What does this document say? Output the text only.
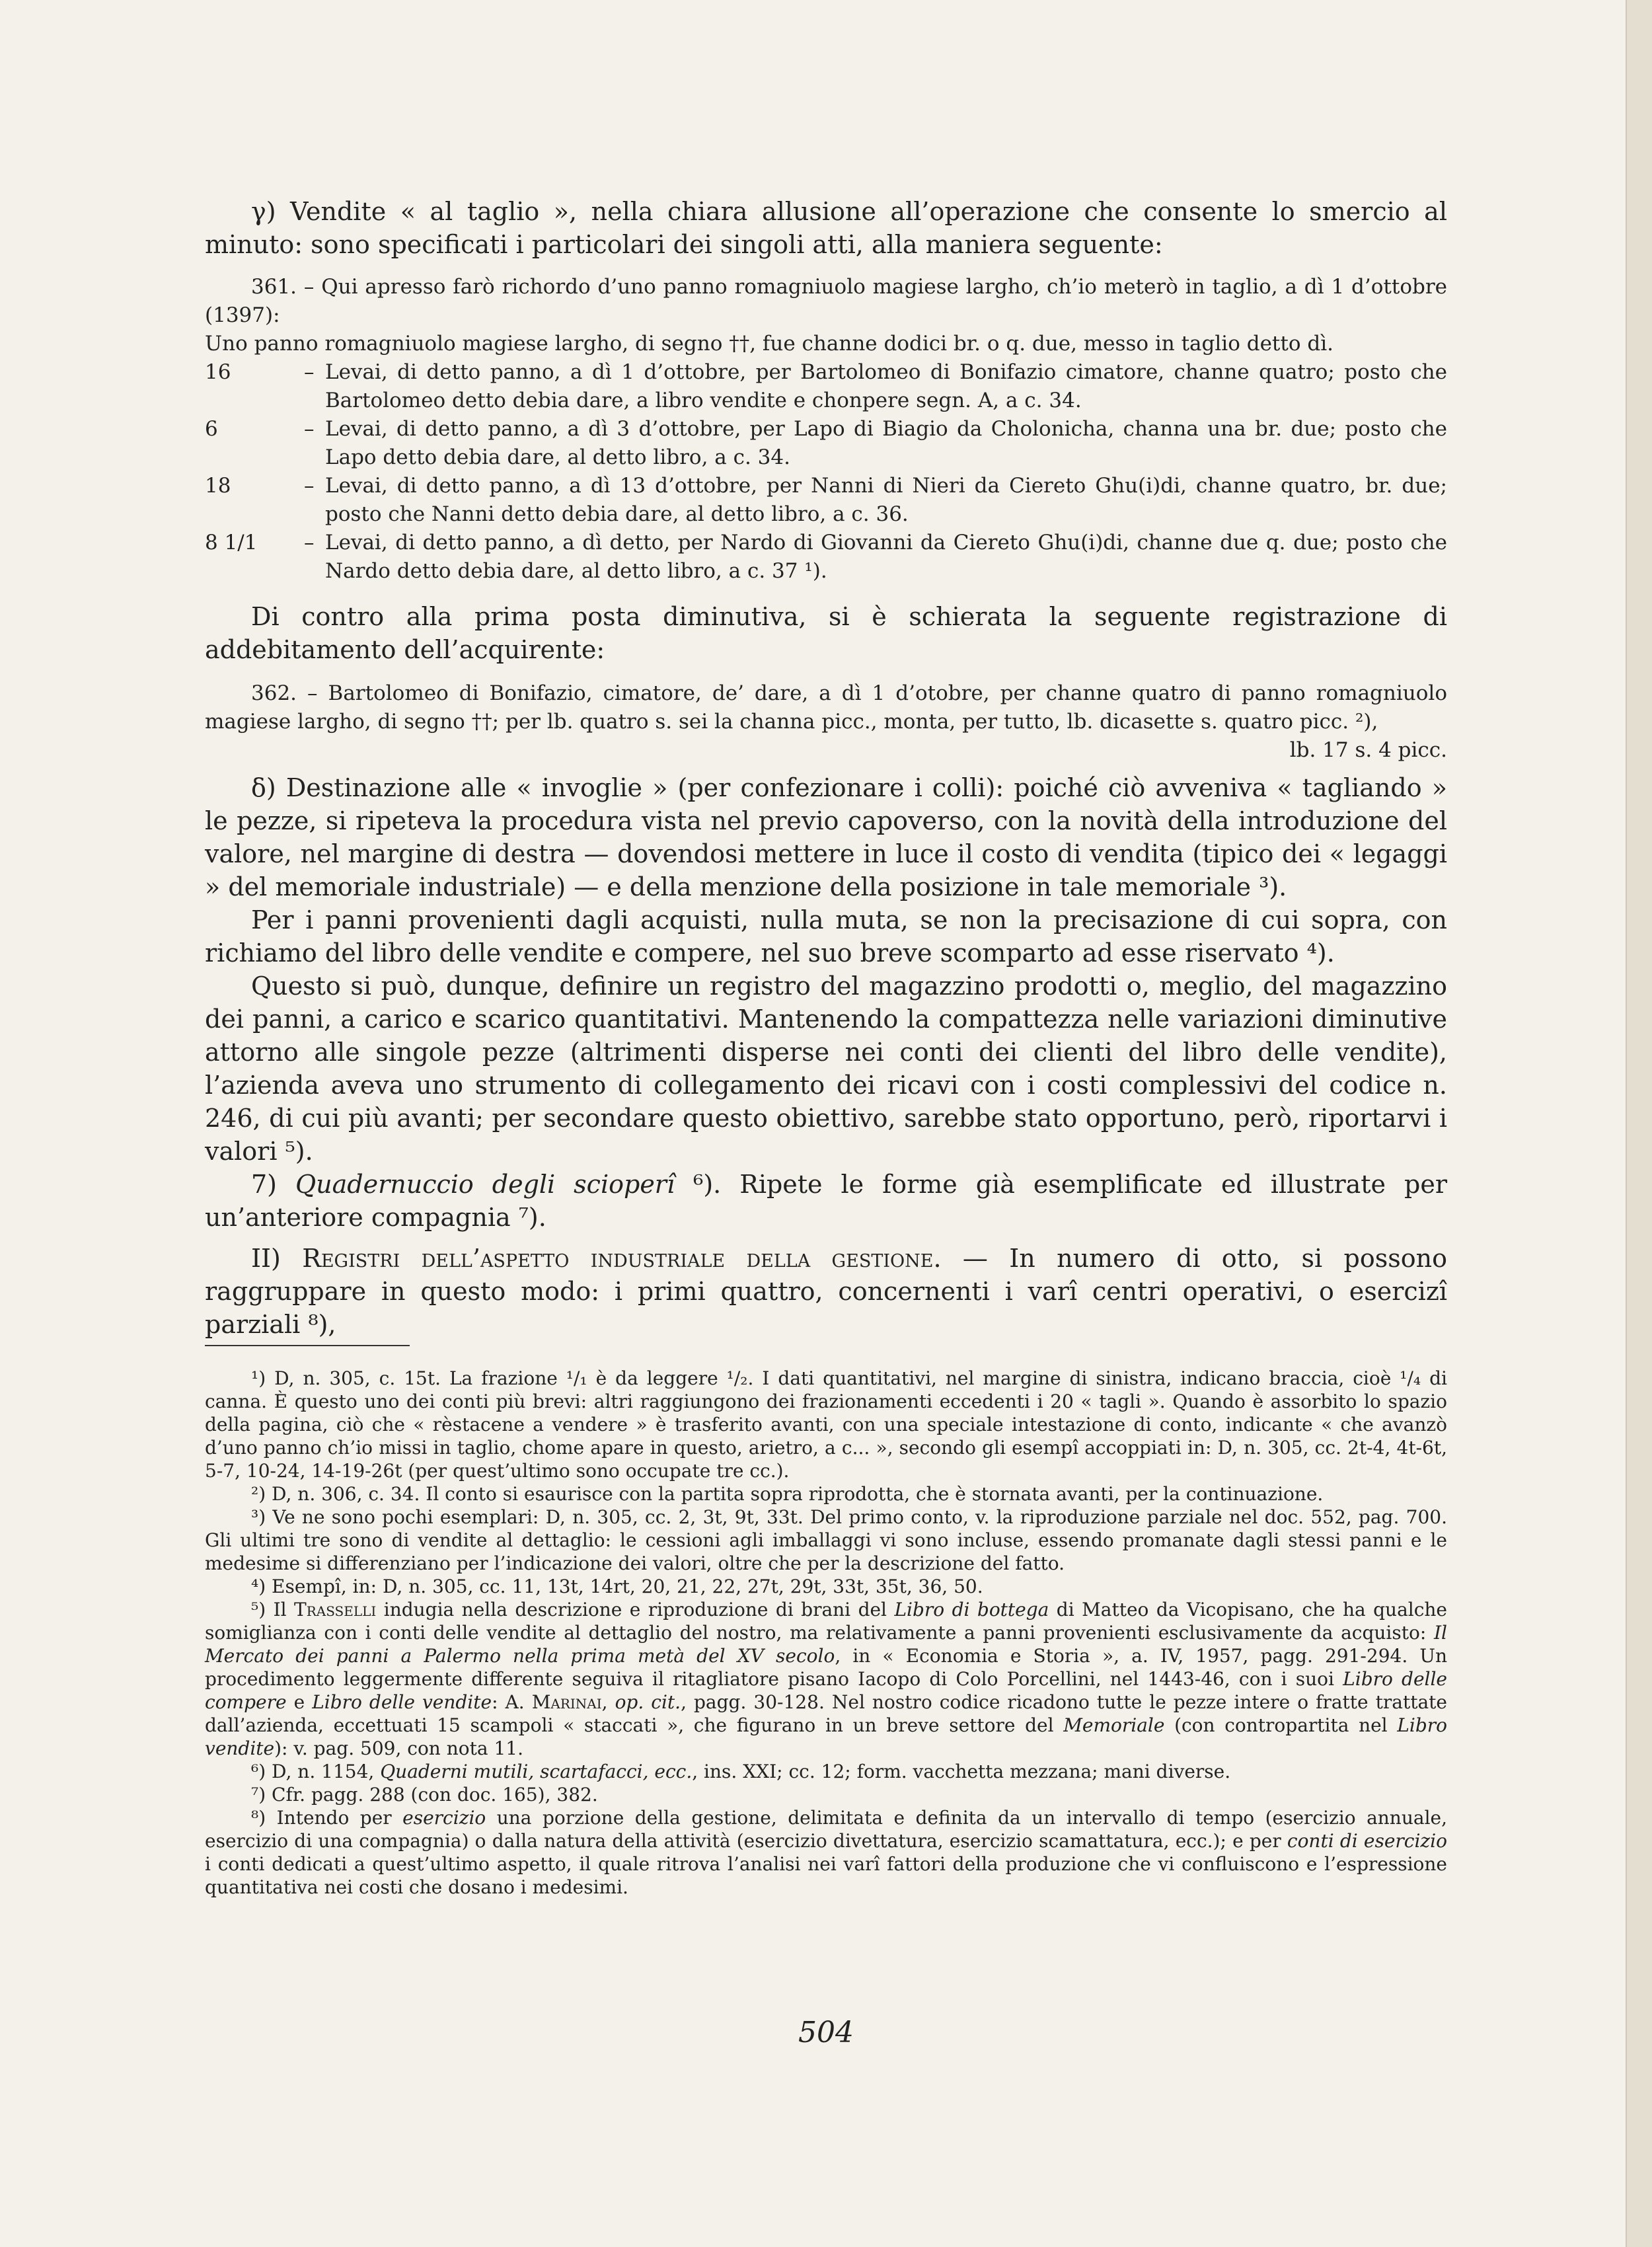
γ) Vendite « al taglio », nella chiara allusione all’operazione che consente lo smercio al minuto: sono specificati i particolari dei singoli atti, alla maniera seguente:

361. – Qui apresso farò richordo d’uno panno romagniuolo magiese largho, ch’io meterò in taglio, a dì 1 d’ottobre (1397):

Uno panno romagniuolo magiese largho, di segno ††, fue channe dodici br. o q. due, messo in taglio detto dì.

16	– Levai, di detto panno, a dì 1 d’ottobre, per Bartolomeo di Bonifazio cimatore, channe quatro; posto che Bartolomeo detto debia dare, a libro vendite e chonpere segn. A, a c. 34.
6	– Levai, di detto panno, a dì 3 d’ottobre, per Lapo di Biagio da Cholonicha, channa una br. due; posto che Lapo detto debia dare, al detto libro, a c. 34.
18	– Levai, di detto panno, a dì 13 d’ottobre, per Nanni di Nieri da Ciereto Ghu(i)di, channe quatro, br. due; posto che Nanni detto debia dare, al detto libro, a c. 36.
8 1/1	– Levai, di detto panno, a dì detto, per Nardo di Giovanni da Ciereto Ghu(i)di, channe due q. due; posto che Nardo detto debia dare, al detto libro, a c. 37 ¹).

Di contro alla prima posta diminutiva, si è schierata la seguente registrazione di addebitamento dell’acquirente:

362. – Bartolomeo di Bonifazio, cimatore, de’ dare, a dì 1 d’otobre, per channe quatro di panno romagniuolo magiese largho, di segno ††; per lb. quatro s. sei la channa picc., monta, per tutto, lb. dicasette s. quatro picc. ²),

lb. 17 s. 4 picc.

δ) Destinazione alle « invoglie » (per confezionare i colli): poiché ciò avveniva « tagliando » le pezze, si ripeteva la procedura vista nel previo capoverso, con la novità della introduzione del valore, nel margine di destra — dovendosi mettere in luce il costo di vendita (tipico dei « legaggi » del memoriale industriale) — e della menzione della posizione in tale memoriale ³).

Per i panni provenienti dagli acquisti, nulla muta, se non la precisazione di cui sopra, con richiamo del libro delle vendite e compere, nel suo breve scomparto ad esse riservato ⁴).

Questo si può, dunque, definire un registro del magazzino prodotti o, meglio, del magazzino dei panni, a carico e scarico quantitativi. Mantenendo la compattezza nelle variazioni diminutive attorno alle singole pezze (altrimenti disperse nei conti dei clienti del libro delle vendite), l’azienda aveva uno strumento di collegamento dei ricavi con i costi complessivi del codice n. 246, di cui più avanti; per secondare questo obiettivo, sarebbe stato opportuno, però, riportarvi i valori ⁵).

7) Quadernuccio degli scioperî ⁶). Ripete le forme già esemplificate ed illustrate per un’anteriore compagnia ⁷).

II) Registri dell’aspetto industriale della gestione. — In numero di otto, si possono raggruppare in questo modo: i primi quattro, concernenti i varî centri operativi, o esercizî parziali ⁸),

¹) D, n. 305, c. 15t. La frazione ¹/₁ è da leggere ¹/₂. I dati quantitativi, nel margine di sinistra, indicano braccia, cioè ¹/₄ di canna. È questo uno dei conti più brevi: altri raggiungono dei frazionamenti eccedenti i 20 « tagli ». Quando è assorbito lo spazio della pagina, ciò che « rèstacene a vendere » è trasferito avanti, con una speciale intestazione di conto, indicante « che avanzò d’uno panno ch’io missi in taglio, chome apare in questo, arietro, a c... », secondo gli esempî accoppiati in: D, n. 305, cc. 2t-4, 4t-6t, 5-7, 10-24, 14-19-26t (per quest’ultimo sono occupate tre cc.).

²) D, n. 306, c. 34. Il conto si esaurisce con la partita sopra riprodotta, che è stornata avanti, per la continuazione.

³) Ve ne sono pochi esemplari: D, n. 305, cc. 2, 3t, 9t, 33t. Del primo conto, v. la riproduzione parziale nel doc. 552, pag. 700. Gli ultimi tre sono di vendite al dettaglio: le cessioni agli imballaggi vi sono incluse, essendo promanate dagli stessi panni e le medesime si differenziano per l’indicazione dei valori, oltre che per la descrizione del fatto.

⁴) Esempî, in: D, n. 305, cc. 11, 13t, 14rt, 20, 21, 22, 27t, 29t, 33t, 35t, 36, 50.

⁵) Il Trasselli indugia nella descrizione e riproduzione di brani del Libro di bottega di Matteo da Vicopisano, che ha qualche somiglianza con i conti delle vendite al dettaglio del nostro, ma relativamente a panni provenienti esclusivamente da acquisto: Il Mercato dei panni a Palermo nella prima metà del XV secolo, in « Economia e Storia », a. IV, 1957, pagg. 291-294. Un procedimento leggermente differente seguiva il ritagliatore pisano Iacopo di Colo Porcellini, nel 1443-46, con i suoi Libro delle compere e Libro delle vendite: A. Marinai, op. cit., pagg. 30-128. Nel nostro codice ricadono tutte le pezze intere o fratte trattate dall’azienda, eccettuati 15 scampoli « staccati », che figurano in un breve settore del Memoriale (con contropartita nel Libro vendite): v. pag. 509, con nota 11.

⁶) D, n. 1154, Quaderni mutili, scartafacci, ecc., ins. XXI; cc. 12; form. vacchetta mezzana; mani diverse.

⁷) Cfr. pagg. 288 (con doc. 165), 382.

⁸) Intendo per esercizio una porzione della gestione, delimitata e definita da un intervallo di tempo (esercizio annuale, esercizio di una compagnia) o dalla natura della attività (esercizio divettatura, esercizio scamattatura, ecc.); e per conti di esercizio i conti dedicati a quest’ultimo aspetto, il quale ritrova l’analisi nei varî fattori della produzione che vi confluiscono e l’espressione quantitativa nei costi che dosano i medesimi.

504
